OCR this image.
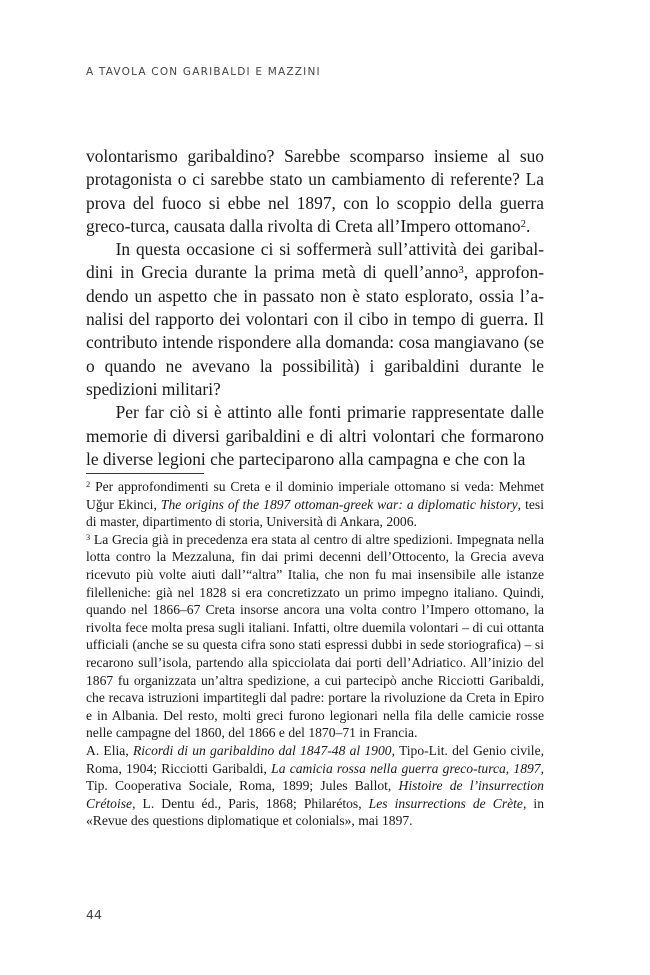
A TAVOLA CON GARIBALDI E MAZZINI

volontarismo garibaldino? Sarebbe scomparso insieme al suo protagonista o ci sarebbe stato un cambiamento di referente? La prova del fuoco si ebbe nel 1897, con lo scoppio della guerra greco-turca, causata dalla rivolta di Creta all’Impero ottomano$^2$.

In questa occasione ci si soffermerà sull’attività dei garibaldini in Grecia durante la prima metà di quell’anno$^3$, approfondendo un aspetto che in passato non è stato esplorato, ossia l’analisi del rapporto dei volontari con il cibo in tempo di guerra. Il contributo intende rispondere alla domanda: cosa mangiavano (se o quando ne avevano la possibilità) i garibaldini durante le spedizioni militari?

Per far ciò si è attinto alle fonti primarie rappresentate dalle memorie di diversi garibaldini e di altri volontari che formarono le diverse legioni che parteciparono alla campagna e che con la

$^2$ Per approfondimenti su Creta e il dominio imperiale ottomano si veda: Mehmet Uğur Ekinci, The origins of the 1897 ottoman-greek war: a diplomatic history, tesi di master, dipartimento di storia, Università di Ankara, 2006.

$^3$ La Grecia già in precedenza era stata al centro di altre spedizioni. Impegnata nella lotta contro la Mezzaluna, fin dai primi decenni dell’Ottocento, la Grecia aveva ricevuto più volte aiuti dall’“altra” Italia, che non fu mai insensibile alle istanze filelleniche: già nel 1828 si era concretizzato un primo impegno italiano. Quindi, quando nel 1866–67 Creta insorse ancora una volta contro l’Impero ottomano, la rivolta fece molta presa sugli italiani. Infatti, oltre duemila volontari – di cui ottanta ufficiali (anche se su questa cifra sono stati espressi dubbi in sede storiografica) – si recarono sull’isola, partendo alla spicciolata dai porti dell’Adriatico. All’inizio del 1867 fu organizzata un’altra spedizione, a cui partecipò anche Ricciotti Garibaldi, che recava istruzioni impartitegli dal padre: portare la rivoluzione da Creta in Epiro e in Albania. Del resto, molti greci furono legionari nella fila delle camicie rosse nelle campagne del 1860, del 1866 e del 1870–71 in Francia.

A. Elia, Ricordi di un garibaldino dal 1847-48 al 1900, Tipo-Lit. del Genio civile, Roma, 1904; Ricciotti Garibaldi, La camicia rossa nella guerra greco-turca, 1897, Tip. Cooperativa Sociale, Roma, 1899; Jules Ballot, Histoire de l’insurrection Crétoise, L. Dentu éd., Paris, 1868; Philarétos, Les insurrections de Crète, in «Revue des questions diplomatique et colonials», mai 1897.

44
